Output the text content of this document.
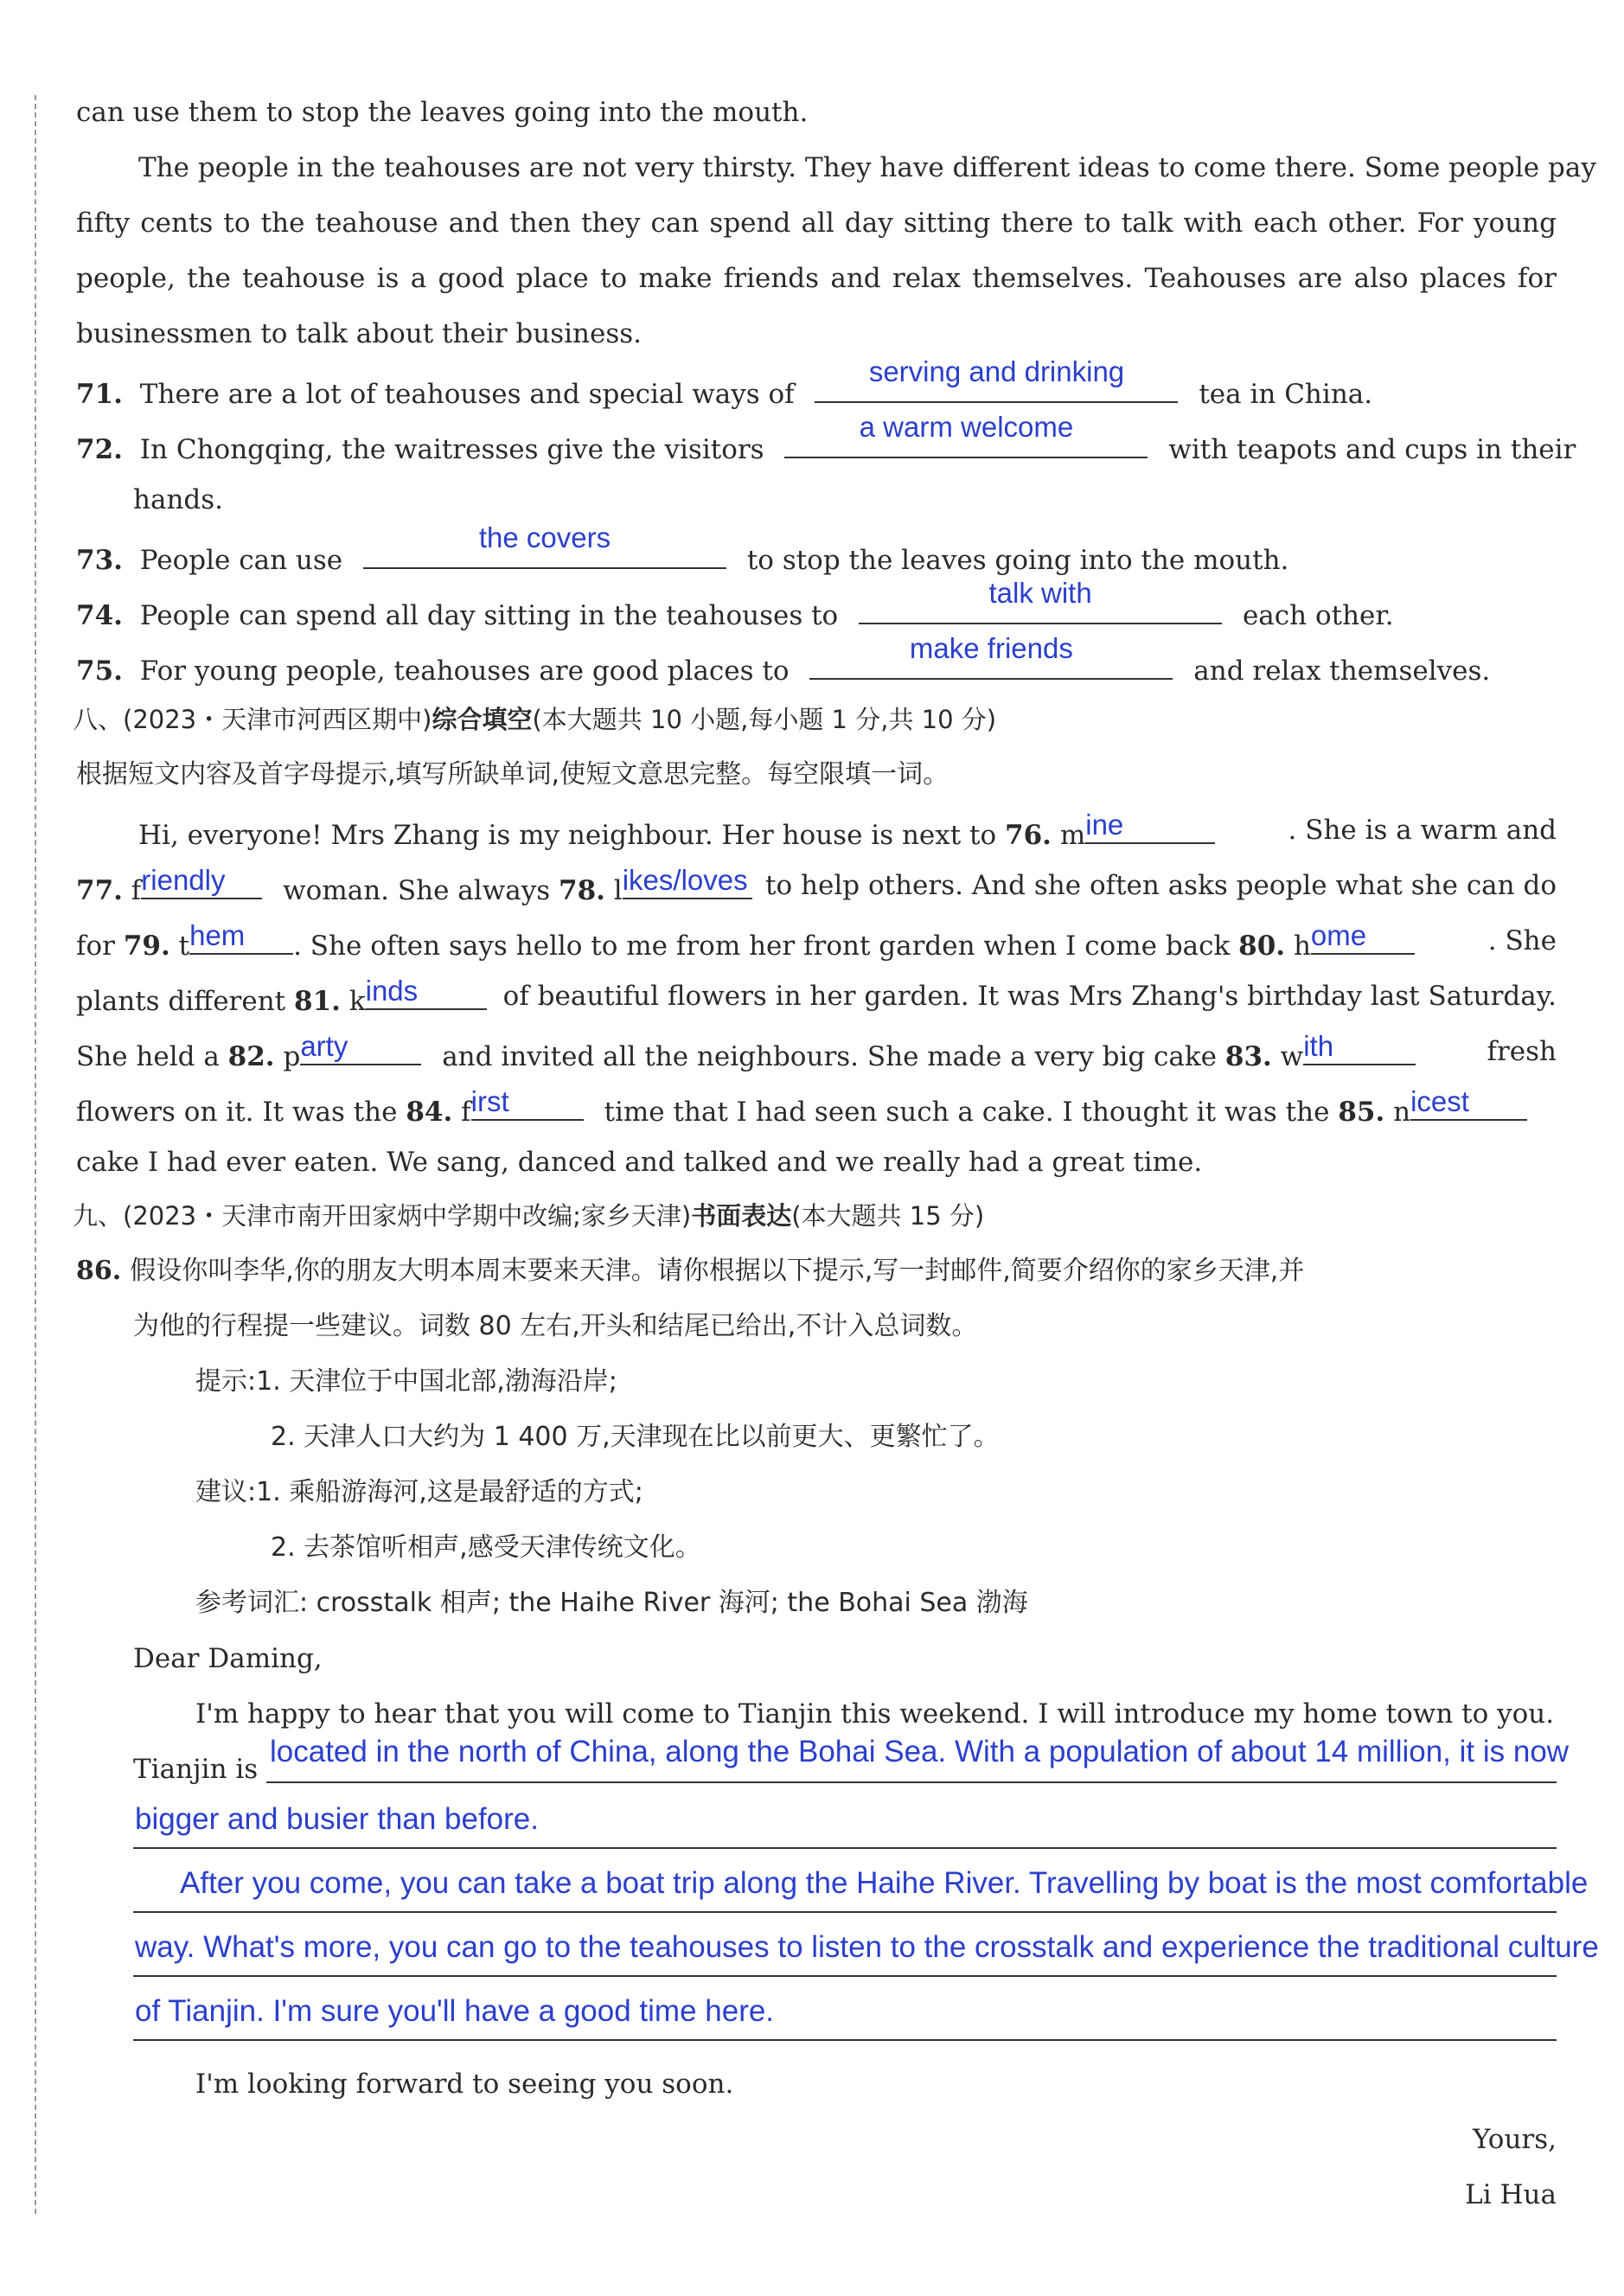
can use them to stop the leaves going into the mouth.
The people in the teahouses are not very thirsty. They have different ideas to come there. Some people pay
fifty cents to the teahouse and then they can spend all day sitting there to talk with each other. For young
people, the teahouse is a good place to make friends and relax themselves. Teahouses are also places for
businessmen to talk about their business.
71. There are a lot of teahouses and special ways of
serving and drinking
tea in China.
72. In Chongqing, the waitresses give the visitors
a warm welcome
with teapots and cups in their
hands.
73. People can use
the covers
to stop the leaves going into the mouth.
74. People can spend all day sitting in the teahouses to
talk with
each other.
75. For young people, teahouses are good places to
make friends
and relax themselves.
八、(2023・天津市河西区期中)综合填空(本大题共 10 小题,每小题 1 分,共 10 分)
根据短文内容及首字母提示,填写所缺单词,使短文意思完整。每空限填一词。
Hi, everyone! Mrs Zhang is my neighbour. Her house is next to 76. m ine	. She is a warm and
77. f riendly woman. She always 78. l ikes/loves to help others. And she often asks people what she can do
for 79. t hem . She often says hello to me from her front garden when I come back 80. h ome	. She
plants different 81. k inds	of beautiful flowers in her garden. It was Mrs Zhang's birthday last Saturday.
She held a 82. p arty	and invited all the neighbours. She made a very big cake 83. w ith	fresh
flowers on it. It was the 84. f irst	time that I had seen such a cake. I thought it was the 85. n icest
cake I had ever eaten. We sang, danced and talked and we really had a great time.
九、(2023・天津市南开田家炳中学期中改编;家乡天津)书面表达(本大题共 15 分)
86. 假设你叫李华,你的朋友大明本周末要来天津。请你根据以下提示,写一封邮件,简要介绍你的家乡天津,并
为他的行程提一些建议。词数 80 左右,开头和结尾已给出,不计入总词数。
提示:1. 天津位于中国北部,渤海沿岸;
2. 天津人口大约为 1 400 万,天津现在比以前更大、更繁忙了。
建议:1. 乘船游海河,这是最舒适的方式;
2. 去茶馆听相声,感受天津传统文化。
参考词汇: crosstalk 相声; the Haihe River 海河; the Bohai Sea 渤海
Dear Daming,
I'm happy to hear that you will come to Tianjin this weekend. I will introduce my home town to you.
Tianjin is
located in the north of China, along the Bohai Sea. With a population of about 14 million, it is now
bigger and busier than before.
After you come, you can take a boat trip along the Haihe River. Travelling by boat is the most comfortable
way. What's more, you can go to the teahouses to listen to the crosstalk and experience the traditional culture
of Tianjin. I'm sure you'll have a good time here.
I'm looking forward to seeing you soon.
Yours,
Li Hua
